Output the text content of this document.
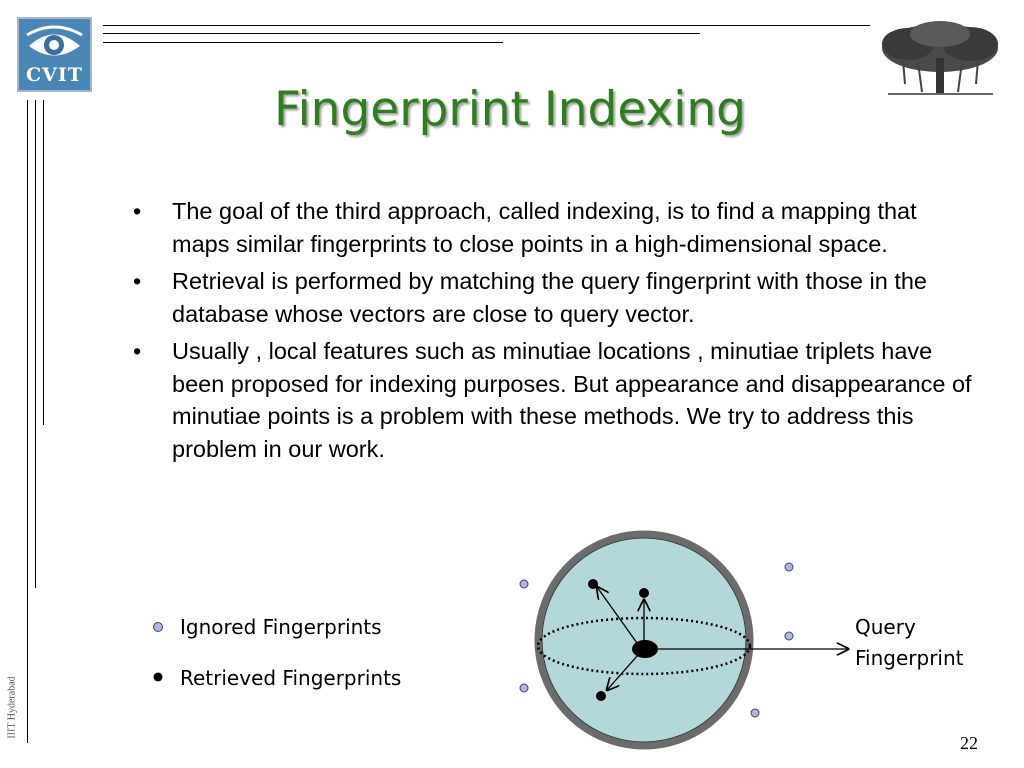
CVIT
Fingerprint Indexing
• The goal of the third approach, called indexing, is to find a mapping that maps similar fingerprints to close points in a high-dimensional space.
• Retrieval is performed by matching the query fingerprint with those in the database whose vectors are close to query vector.
• Usually , local features such as minutiae locations , minutiae triplets have been proposed for indexing purposes. But appearance and disappearance of minutiae points is a problem with these methods. We try to address this problem in our work.
Ignored Fingerprints
Retrieved Fingerprints
Query
Fingerprint
IIIT Hyderabad
22
